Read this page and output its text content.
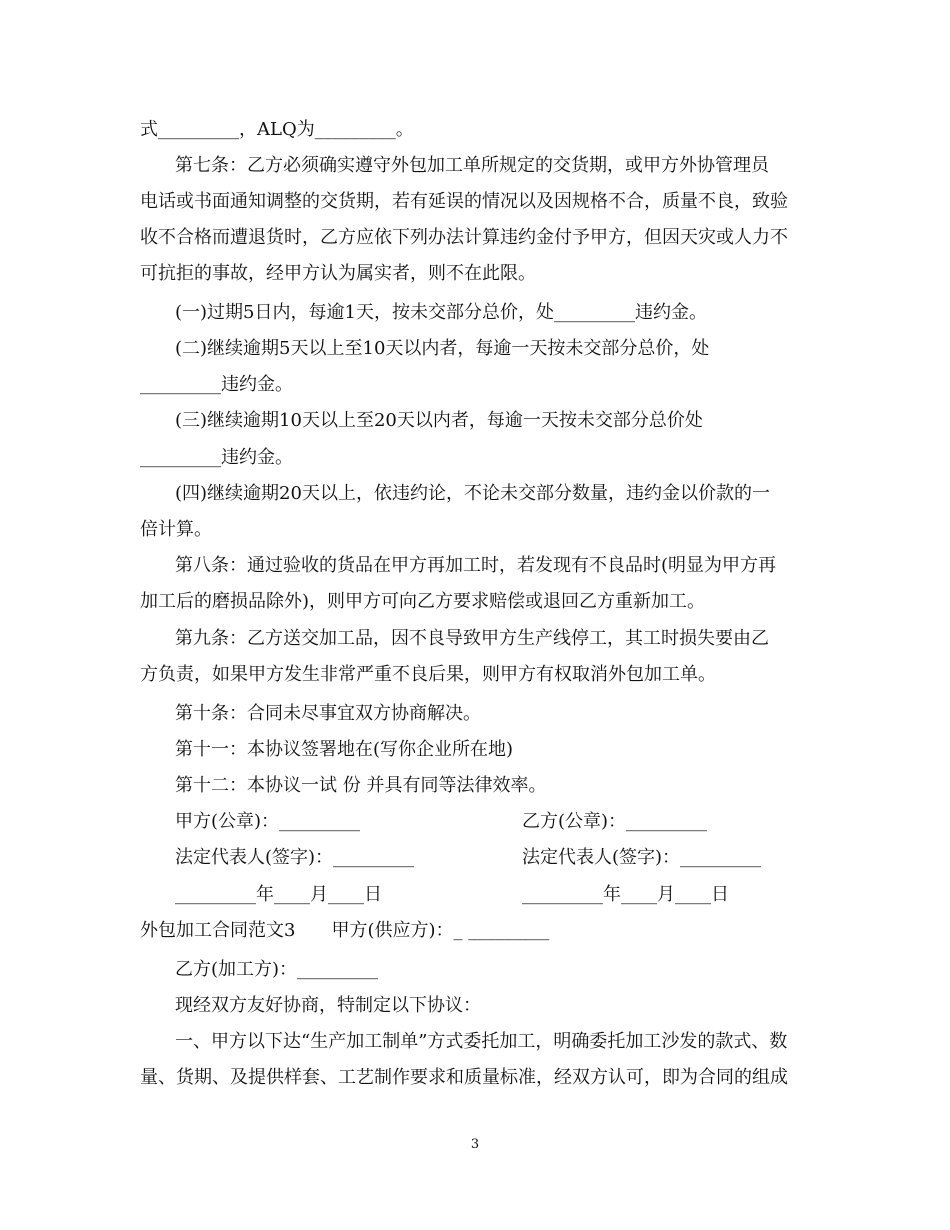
式_________，ALQ为_________。
第七条：乙方必须确实遵守外包加工单所规定的交货期，或甲方外协管理员
电话或书面通知调整的交货期，若有延误的情况以及因规格不合，质量不良，致验
收不合格而遭退货时，乙方应依下列办法计算违约金付予甲方，但因天灾或人力不
可抗拒的事故，经甲方认为属实者，则不在此限。
(一)过期5日内，每逾1天，按未交部分总价，处_________违约金。
(二)继续逾期5天以上至10天以内者，每逾一天按未交部分总价，处
_________违约金。
(三)继续逾期10天以上至20天以内者，每逾一天按未交部分总价处
_________违约金。
(四)继续逾期20天以上，依违约论，不论未交部分数量，违约金以价款的一
倍计算。
第八条：通过验收的货品在甲方再加工时，若发现有不良品时(明显为甲方再
加工后的磨损品除外)，则甲方可向乙方要求赔偿或退回乙方重新加工。
第九条：乙方送交加工品，因不良导致甲方生产线停工，其工时损失要由乙
方负责，如果甲方发生非常严重不良后果，则甲方有权取消外包加工单。
第十条：合同未尽事宜双方协商解决。
第十一：本协议签署地在(写你企业所在地)
第十二：本协议一试 份 并具有同等法律效率。
甲方(公章)：_________	乙方(公章)：_________
法定代表人(签字)：_________	法定代表人(签字)：_________
_________年____月____日	_________年____月____日
外包加工合同范文3　　甲方(供应方)：_ _________
乙方(加工方)：_________
现经双方友好协商，特制定以下协议：
一、甲方以下达“生产加工制单”方式委托加工，明确委托加工沙发的款式、数
量、货期、及提供样套、工艺制作要求和质量标准，经双方认可，即为合同的组成
3
